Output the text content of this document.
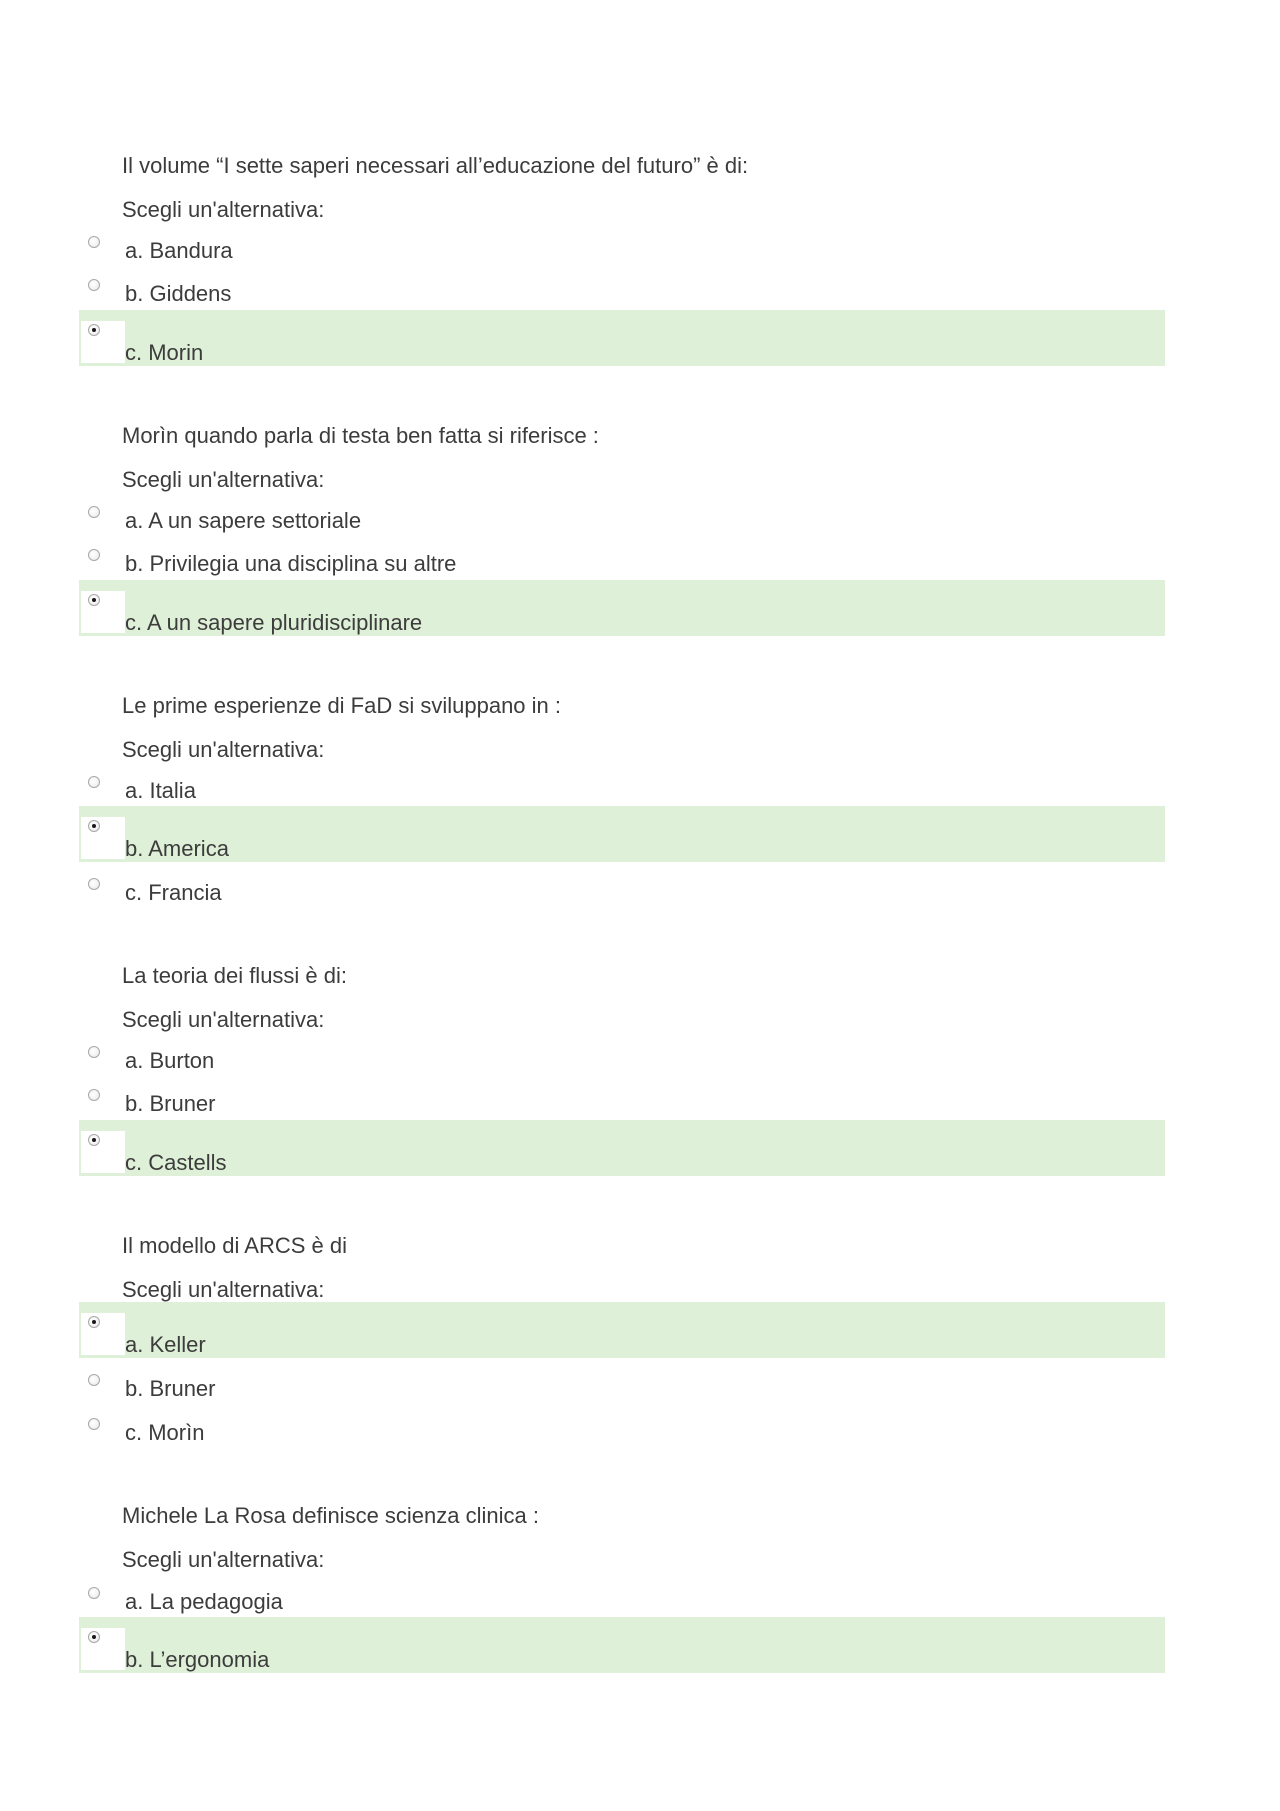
Il volume “I sette saperi necessari all’educazione del futuro” è di:
Scegli un'alternativa:
a. Bandura
b. Giddens
c. Morin
Morìn quando parla di testa ben fatta si riferisce :
Scegli un'alternativa:
a. A un sapere settoriale
b. Privilegia una disciplina su altre
c. A un sapere pluridisciplinare
Le prime esperienze di FaD si sviluppano in :
Scegli un'alternativa:
a. Italia
b. America
c. Francia
La teoria dei flussi è di:
Scegli un'alternativa:
a. Burton
b. Bruner
c. Castells
Il modello di ARCS è di
Scegli un'alternativa:
a. Keller
b. Bruner
c. Morìn
Michele La Rosa definisce scienza clinica :
Scegli un'alternativa:
a. La pedagogia
b. L’ergonomia
